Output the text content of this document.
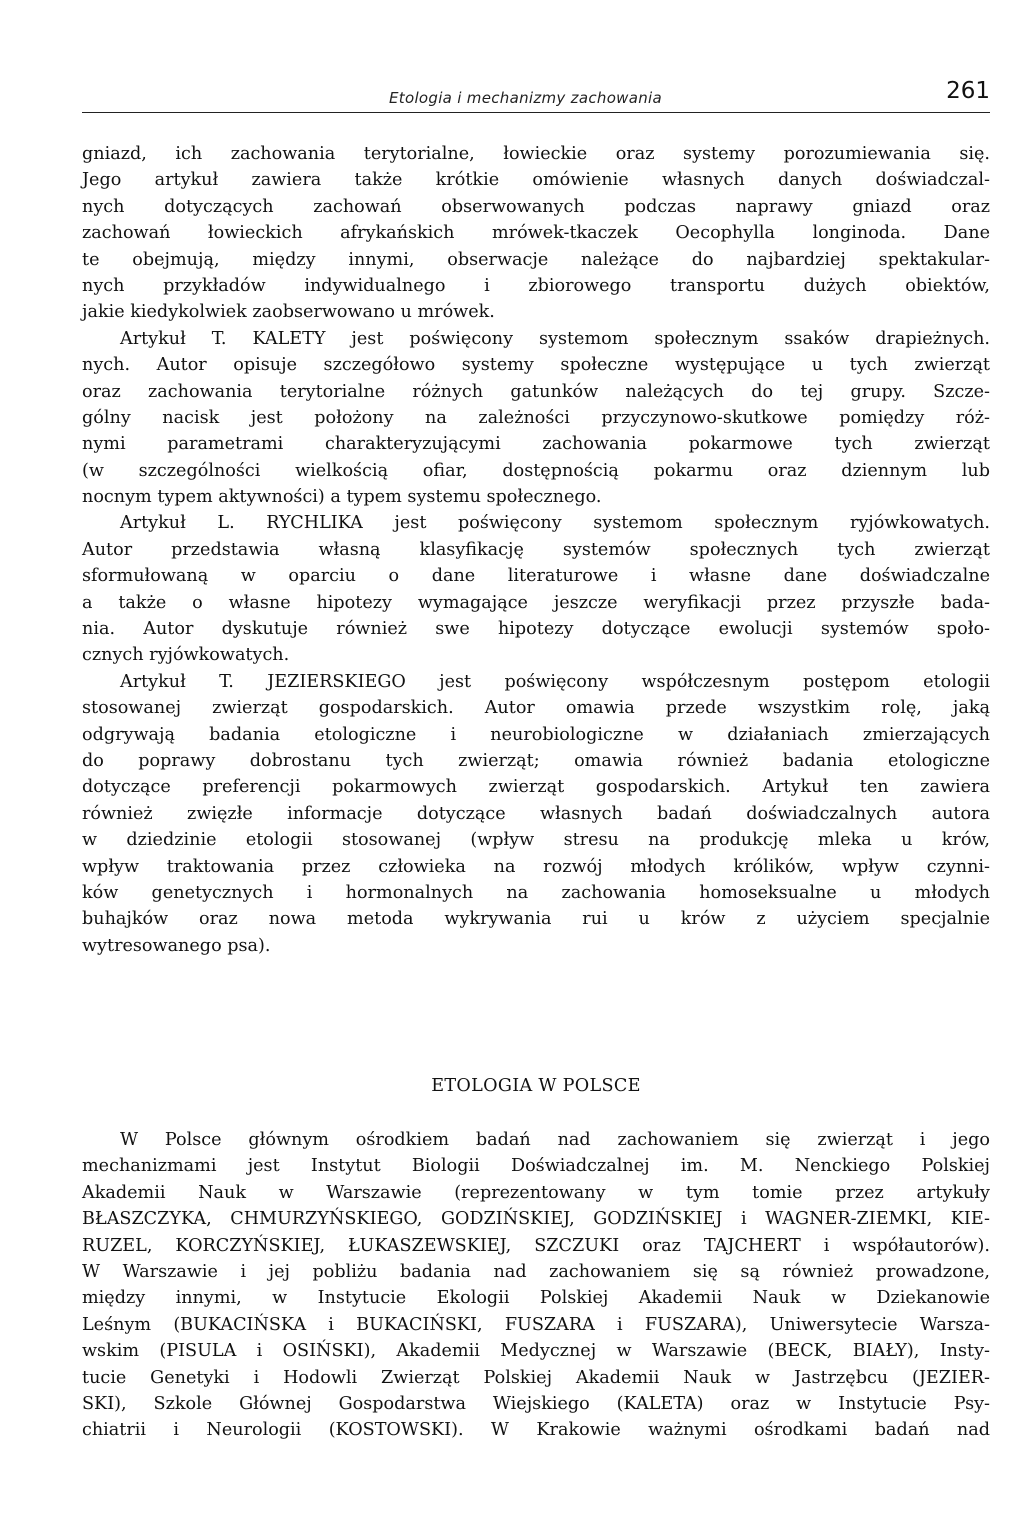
Etologia i mechanizmy zachowania	261
gniazd, ich zachowania terytorialne, łowieckie oraz systemy porozumiewania się.
Jego artykuł zawiera także krótkie omówienie własnych danych doświadczal-
nych dotyczących zachowań obserwowanych podczas naprawy gniazd oraz
zachowań łowieckich afrykańskich mrówek-tkaczek Oecophylla longinoda. Dane
te obejmują, między innymi, obserwacje należące do najbardziej spektakular-
nych przykładów indywidualnego i zbiorowego transportu dużych obiektów,
jakie kiedykolwiek zaobserwowano u mrówek.
Artykuł T. KALETY jest poświęcony systemom społecznym ssaków drapieżnych.
nych. Autor opisuje szczegółowo systemy społeczne występujące u tych zwierząt
oraz zachowania terytorialne różnych gatunków należących do tej grupy. Szcze-
gólny nacisk jest położony na zależności przyczynowo-skutkowe pomiędzy róż-
nymi parametrami charakteryzującymi zachowania pokarmowe tych zwierząt
(w szczególności wielkością ofiar, dostępnością pokarmu oraz dziennym lub
nocnym typem aktywności) a typem systemu społecznego.
Artykuł L. RYCHLIKA jest poświęcony systemom społecznym ryjówkowatych.
Autor przedstawia własną klasyfikację systemów społecznych tych zwierząt
sformułowaną w oparciu o dane literaturowe i własne dane doświadczalne
a także o własne hipotezy wymagające jeszcze weryfikacji przez przyszłe bada-
nia. Autor dyskutuje również swe hipotezy dotyczące ewolucji systemów społo-
cznych ryjówkowatych.
Artykuł T. JEZIERSKIEGO jest poświęcony współczesnym postępom etologii
stosowanej zwierząt gospodarskich. Autor omawia przede wszystkim rolę, jaką
odgrywają badania etologiczne i neurobiologiczne w działaniach zmierzających
do poprawy dobrostanu tych zwierząt; omawia również badania etologiczne
dotyczące preferencji pokarmowych zwierząt gospodarskich. Artykuł ten zawiera
również zwięzłe informacje dotyczące własnych badań doświadczalnych autora
w dziedzinie etologii stosowanej (wpływ stresu na produkcję mleka u krów,
wpływ traktowania przez człowieka na rozwój młodych królików, wpływ czynni-
ków genetycznych i hormonalnych na zachowania homoseksualne u młodych
buhajków oraz nowa metoda wykrywania rui u krów z użyciem specjalnie
wytresowanego psa).
ETOLOGIA W POLSCE
W Polsce głównym ośrodkiem badań nad zachowaniem się zwierząt i jego
mechanizmami jest Instytut Biologii Doświadczalnej im. M. Nenckiego Polskiej
Akademii Nauk w Warszawie (reprezentowany w tym tomie przez artykuły
BŁASZCZYKA, CHMURZYŃSKIEGO, GODZIŃSKIEJ, GODZIŃSKIEJ i WAGNER-ZIEMKI, KIE-
RUZEL, KORCZYŃSKIEJ, ŁUKASZEWSKIEJ, SZCZUKI oraz TAJCHERT i współautorów).
W Warszawie i jej pobliżu badania nad zachowaniem się są również prowadzone,
między innymi, w Instytucie Ekologii Polskiej Akademii Nauk w Dziekanowie
Leśnym (BUKACIŃSKA i BUKACIŃSKI, FUSZARA i FUSZARA), Uniwersytecie Warsza-
wskim (PISULA i OSIŃSKI), Akademii Medycznej w Warszawie (BECK, BIAŁY), Insty-
tucie Genetyki i Hodowli Zwierząt Polskiej Akademii Nauk w Jastrzębcu (JEZIER-
SKI), Szkole Głównej Gospodarstwa Wiejskiego (KALETA) oraz w Instytucie Psy-
chiatrii i Neurologii (KOSTOWSKI). W Krakowie ważnymi ośrodkami badań nad
